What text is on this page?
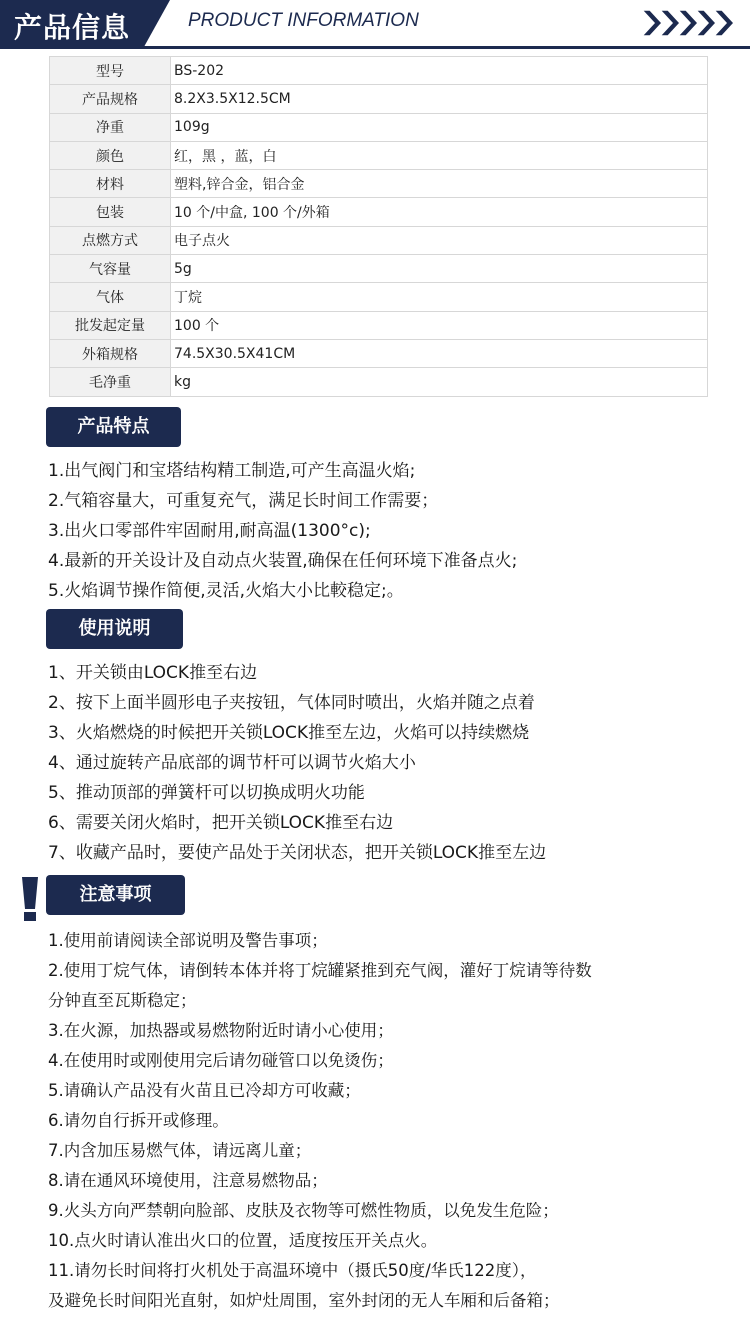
产品信息	PRODUCT INFORMATION
型号	BS-202
产品规格	8.2X3.5X12.5CM
净重	109g
颜色	红，黑 ，蓝，白
材料	塑料,锌合金，铝合金
包装	10 个/中盒, 100 个/外箱
点燃方式	电子点火
气容量	5g
气体	丁烷
批发起定量	100 个
外箱规格	74.5X30.5X41CM
毛净重	kg
产品特点
1.出气阀门和宝塔结构精工制造,可产生高温火焰;
2.气箱容量大，可重复充气，满足长时间工作需要；
3.出火口零部件牢固耐用,耐高温(1300°c);
4.最新的开关设计及自动点火装置,确保在任何环境下准备点火;
5.火焰调节操作简便,灵活,火焰大小比較稳定;。
使用说明
1、开关锁由LOCK推至右边
2、按下上面半圆形电子夹按钮，气体同时喷出，火焰并随之点着
3、火焰燃烧的时候把开关锁LOCK推至左边，火焰可以持续燃烧
4、通过旋转产品底部的调节杆可以调节火焰大小
5、推动顶部的弹簧杆可以切换成明火功能
6、需要关闭火焰时，把开关锁LOCK推至右边
7、收藏产品时，要使产品处于关闭状态，把开关锁LOCK推至左边
注意事项
1.使用前请阅读全部说明及警告事项；
2.使用丁烷气体，请倒转本体并将丁烷罐紧推到充气阀，灌好丁烷请等待数
分钟直至瓦斯稳定；
3.在火源，加热器或易燃物附近时请小心使用；
4.在使用时或刚使用完后请勿碰管口以免烫伤；
5.请确认产品没有火苗且已冷却方可收藏；
6.请勿自行拆开或修理。
7.内含加压易燃气体，请远离儿童；
8.请在通风环境使用，注意易燃物品；
9.火头方向严禁朝向脸部、皮肤及衣物等可燃性物质，以免发生危险；
10.点火时请认准出火口的位置，适度按压开关点火。
11.请勿长时间将打火机处于高温环境中（摄氏50度/华氏122度），
及避免长时间阳光直射，如炉灶周围，室外封闭的无人车厢和后备箱；
